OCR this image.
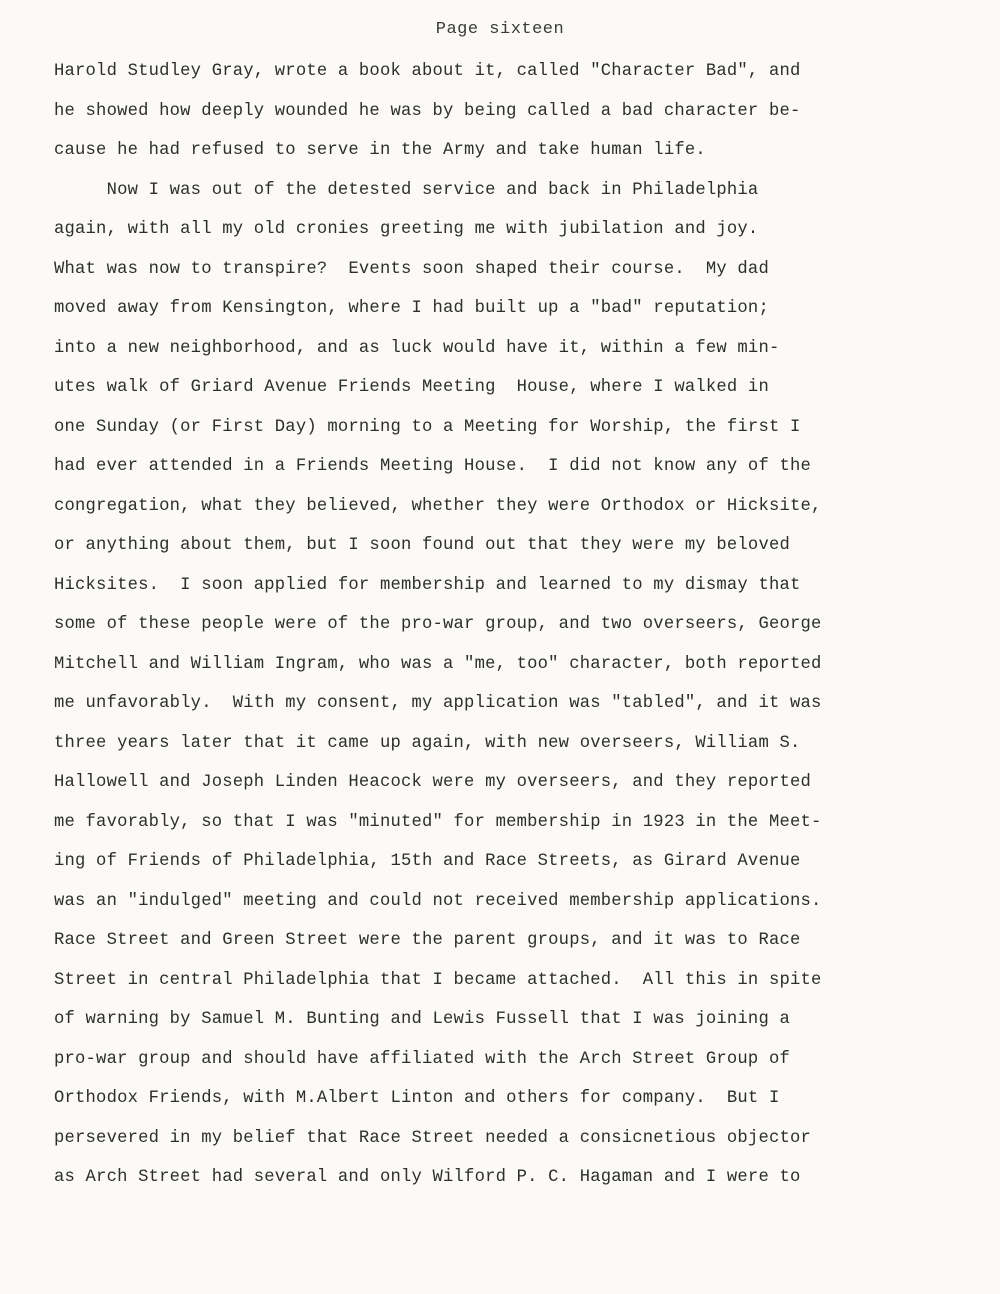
Page sixteen
Harold Studley Gray, wrote a book about it, called "Character Bad", and
he showed how deeply wounded he was by being called a bad character be-
cause he had refused to serve in the Army and take human life.
Now I was out of the detested service and back in Philadelphia
again, with all my old cronies greeting me with jubilation and joy.
What was now to transpire?  Events soon shaped their course.  My dad
moved away from Kensington, where I had built up a "bad" reputation;
into a new neighborhood, and as luck would have it, within a few min-
utes walk of Griard Avenue Friends Meeting  House, where I walked in
one Sunday (or First Day) morning to a Meeting for Worship, the first I
had ever attended in a Friends Meeting House.  I did not know any of the
congregation, what they believed, whether they were Orthodox or Hicksite,
or anything about them, but I soon found out that they were my beloved
Hicksites.  I soon applied for membership and learned to my dismay that
some of these people were of the pro-war group, and two overseers, George
Mitchell and William Ingram, who was a "me, too" character, both reported
me unfavorably.  With my consent, my application was "tabled", and it was
three years later that it came up again, with new overseers, William S.
Hallowell and Joseph Linden Heacock were my overseers, and they reported
me favorably, so that I was "minuted" for membership in 1923 in the Meet-
ing of Friends of Philadelphia, 15th and Race Streets, as Girard Avenue
was an "indulged" meeting and could not received membership applications.
Race Street and Green Street were the parent groups, and it was to Race
Street in central Philadelphia that I became attached.  All this in spite
of warning by Samuel M. Bunting and Lewis Fussell that I was joining a
pro-war group and should have affiliated with the Arch Street Group of
Orthodox Friends, with M.Albert Linton and others for company.  But I
persevered in my belief that Race Street needed a consicnetious objector
as Arch Street had several and only Wilford P. C. Hagaman and I were to
